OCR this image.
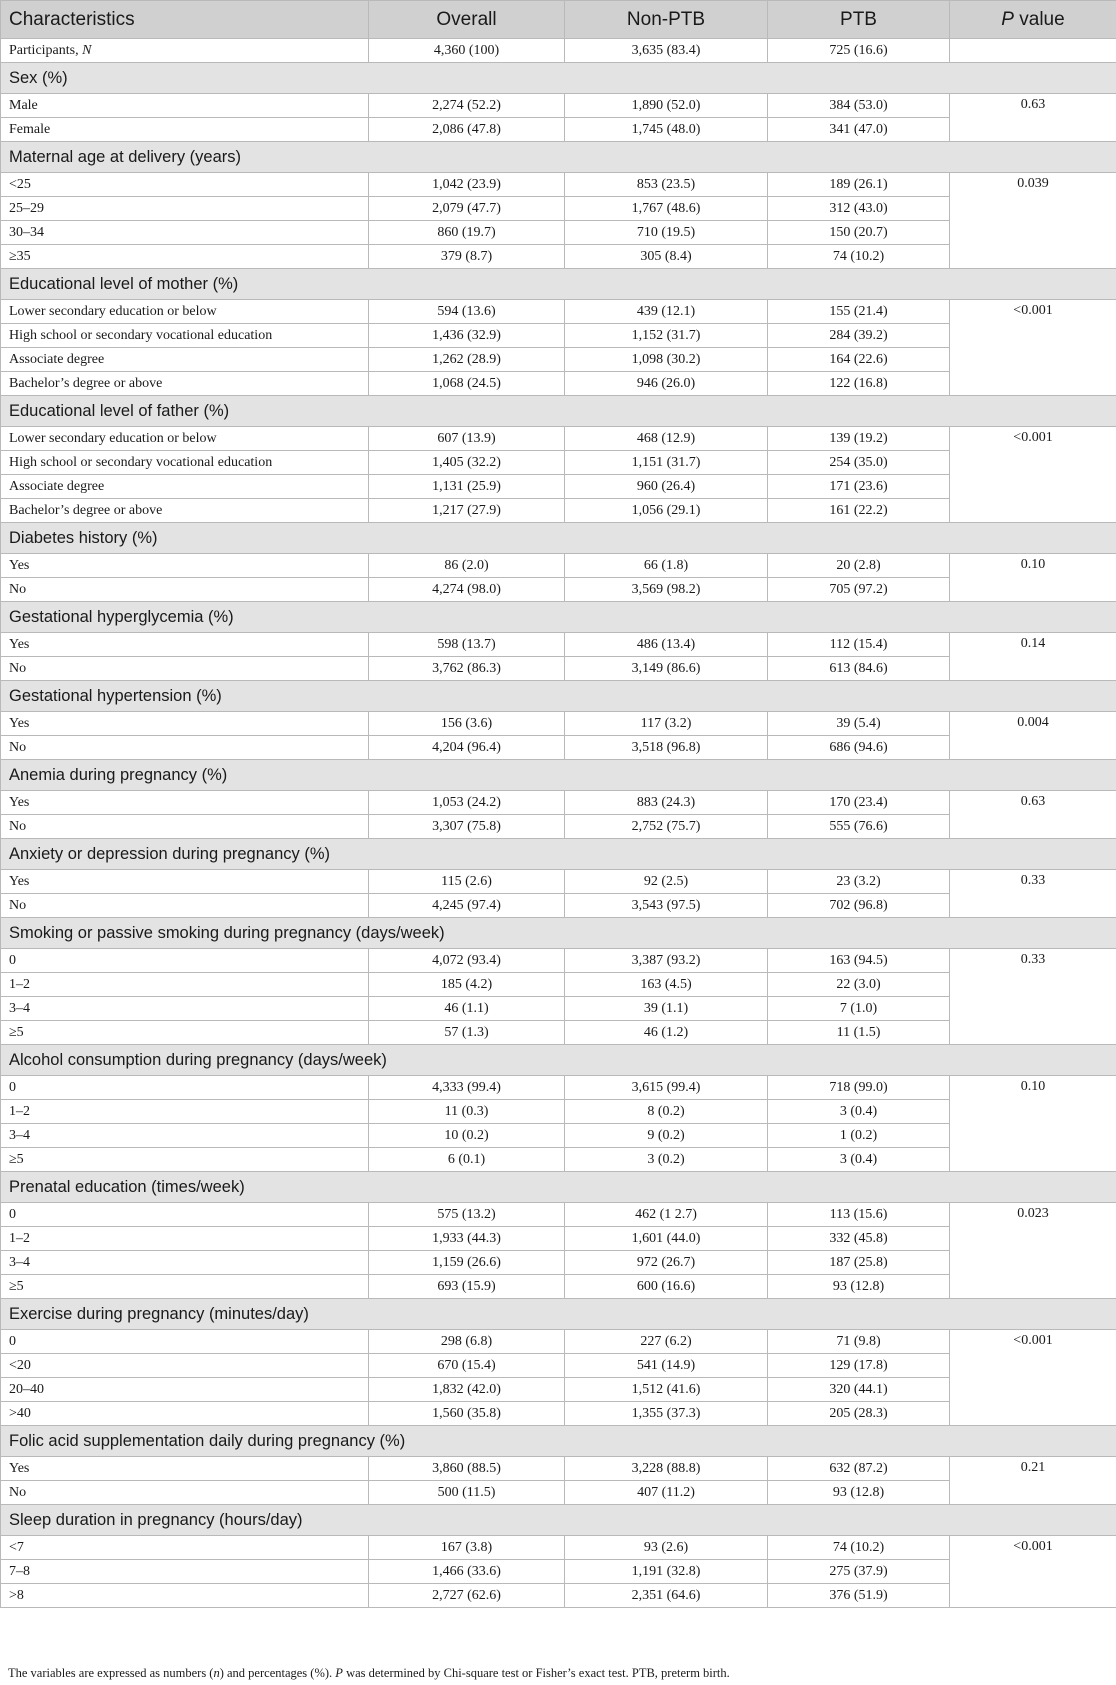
Characteristics	Overall	Non-PTB	PTB	P value
Participants, N	4,360 (100)	3,635 (83.4)	725 (16.6)	
Sex (%)				
Male	2,274 (52.2)	1,890 (52.0)	384 (53.0)	0.63
Female	2,086 (47.8)	1,745 (48.0)	341 (47.0)	
Maternal age at delivery (years)				
<25	1,042 (23.9)	853 (23.5)	189 (26.1)	0.039
25–29	2,079 (47.7)	1,767 (48.6)	312 (43.0)	
30–34	860 (19.7)	710 (19.5)	150 (20.7)	
≥35	379 (8.7)	305 (8.4)	74 (10.2)	
Educational level of mother (%)				
Lower secondary education or below	594 (13.6)	439 (12.1)	155 (21.4)	<0.001
High school or secondary vocational education	1,436 (32.9)	1,152 (31.7)	284 (39.2)	
Associate degree	1,262 (28.9)	1,098 (30.2)	164 (22.6)	
Bachelor’s degree or above	1,068 (24.5)	946 (26.0)	122 (16.8)	
Educational level of father (%)				
Lower secondary education or below	607 (13.9)	468 (12.9)	139 (19.2)	<0.001
High school or secondary vocational education	1,405 (32.2)	1,151 (31.7)	254 (35.0)	
Associate degree	1,131 (25.9)	960 (26.4)	171 (23.6)	
Bachelor’s degree or above	1,217 (27.9)	1,056 (29.1)	161 (22.2)	
Diabetes history (%)				
Yes	86 (2.0)	66 (1.8)	20 (2.8)	0.10
No	4,274 (98.0)	3,569 (98.2)	705 (97.2)	
Gestational hyperglycemia (%)				
Yes	598 (13.7)	486 (13.4)	112 (15.4)	0.14
No	3,762 (86.3)	3,149 (86.6)	613 (84.6)	
Gestational hypertension (%)				
Yes	156 (3.6)	117 (3.2)	39 (5.4)	0.004
No	4,204 (96.4)	3,518 (96.8)	686 (94.6)	
Anemia during pregnancy (%)				
Yes	1,053 (24.2)	883 (24.3)	170 (23.4)	0.63
No	3,307 (75.8)	2,752 (75.7)	555 (76.6)	
Anxiety or depression during pregnancy (%)				
Yes	115 (2.6)	92 (2.5)	23 (3.2)	0.33
No	4,245 (97.4)	3,543 (97.5)	702 (96.8)	
Smoking or passive smoking during pregnancy (days/week)				
0	4,072 (93.4)	3,387 (93.2)	163 (94.5)	0.33
1–2	185 (4.2)	163 (4.5)	22 (3.0)	
3–4	46 (1.1)	39 (1.1)	7 (1.0)	
≥5	57 (1.3)	46 (1.2)	11 (1.5)	
Alcohol consumption during pregnancy (days/week)				
0	4,333 (99.4)	3,615 (99.4)	718 (99.0)	0.10
1–2	11 (0.3)	8 (0.2)	3 (0.4)	
3–4	10 (0.2)	9 (0.2)	1 (0.2)	
≥5	6 (0.1)	3 (0.2)	3 (0.4)	
Prenatal education (times/week)				
0	575 (13.2)	462 (1 2.7)	113 (15.6)	0.023
1–2	1,933 (44.3)	1,601 (44.0)	332 (45.8)	
3–4	1,159 (26.6)	972 (26.7)	187 (25.8)	
≥5	693 (15.9)	600 (16.6)	93 (12.8)	
Exercise during pregnancy (minutes/day)				
0	298 (6.8)	227 (6.2)	71 (9.8)	<0.001
<20	670 (15.4)	541 (14.9)	129 (17.8)	
20–40	1,832 (42.0)	1,512 (41.6)	320 (44.1)	
>40	1,560 (35.8)	1,355 (37.3)	205 (28.3)	
Folic acid supplementation daily during pregnancy (%)				
Yes	3,860 (88.5)	3,228 (88.8)	632 (87.2)	0.21
No	500 (11.5)	407 (11.2)	93 (12.8)	
Sleep duration in pregnancy (hours/day)				
<7	167 (3.8)	93 (2.6)	74 (10.2)	<0.001
7–8	1,466 (33.6)	1,191 (32.8)	275 (37.9)	
>8	2,727 (62.6)	2,351 (64.6)	376 (51.9)	
The variables are expressed as numbers (n) and percentages (%). P was determined by Chi-square test or Fisher’s exact test. PTB, preterm birth.
